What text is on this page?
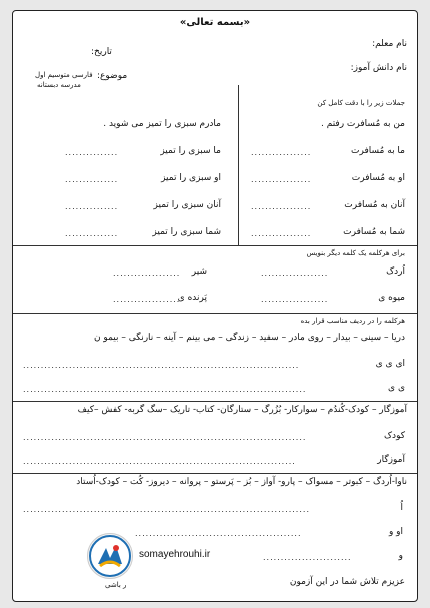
«بسمه تعالی»
نام معلم:
نام دانش آموز:
تاریخ:
موضوع:
فارسی متوسیم اول
مدرسه دبستانه
جملات زیر را با دقت کامل کن
من به مُسافرت رفتم .
ما به مُسافرت
.................
او به مُسافرت
.................
آنان به مُسافرت
.................
شما به مُسافرت
.................
مادرم سبزی را تمیز می شوید .
ما سبزی را تمیز
...............
او سبزی را تمیز
...............
آنان سبزی را تمیز
...............
شما سبزی را تمیز
...............
برای هرکلمه یک کلمه دیگر بنویس
اُردگ
...................
شیر
...................
میوه ی
...................
پَرنده ی
...................
هرکلمه را در ردیف مناسب قرار بده
دریا – سینی – بیدار – روی مادر – سفید – زندگی – می بینم – آینه – نارنگی – بیمو ن
ای ی ی
..............................................................................
ی ی
................................................................................
آموزگار – کودک-کُندُم – سوارکار- بُزُرگ – ستارگان- کتاب- تاریک –سگ گربه- کفش –کیف
کودک
................................................................................
آموزگار
.............................................................................
ناوا-اُردگ – کبوتر – مسواک – پارو- آواز – بُز – پَرستو – پروانه – دیروز- کُت – کودک-اُستاد
اُ
.................................................................................
او و
...............................................
و
.........................
عزیزم تلاش شما در این آزمون
ر باشی
somayehrouhi.ir
